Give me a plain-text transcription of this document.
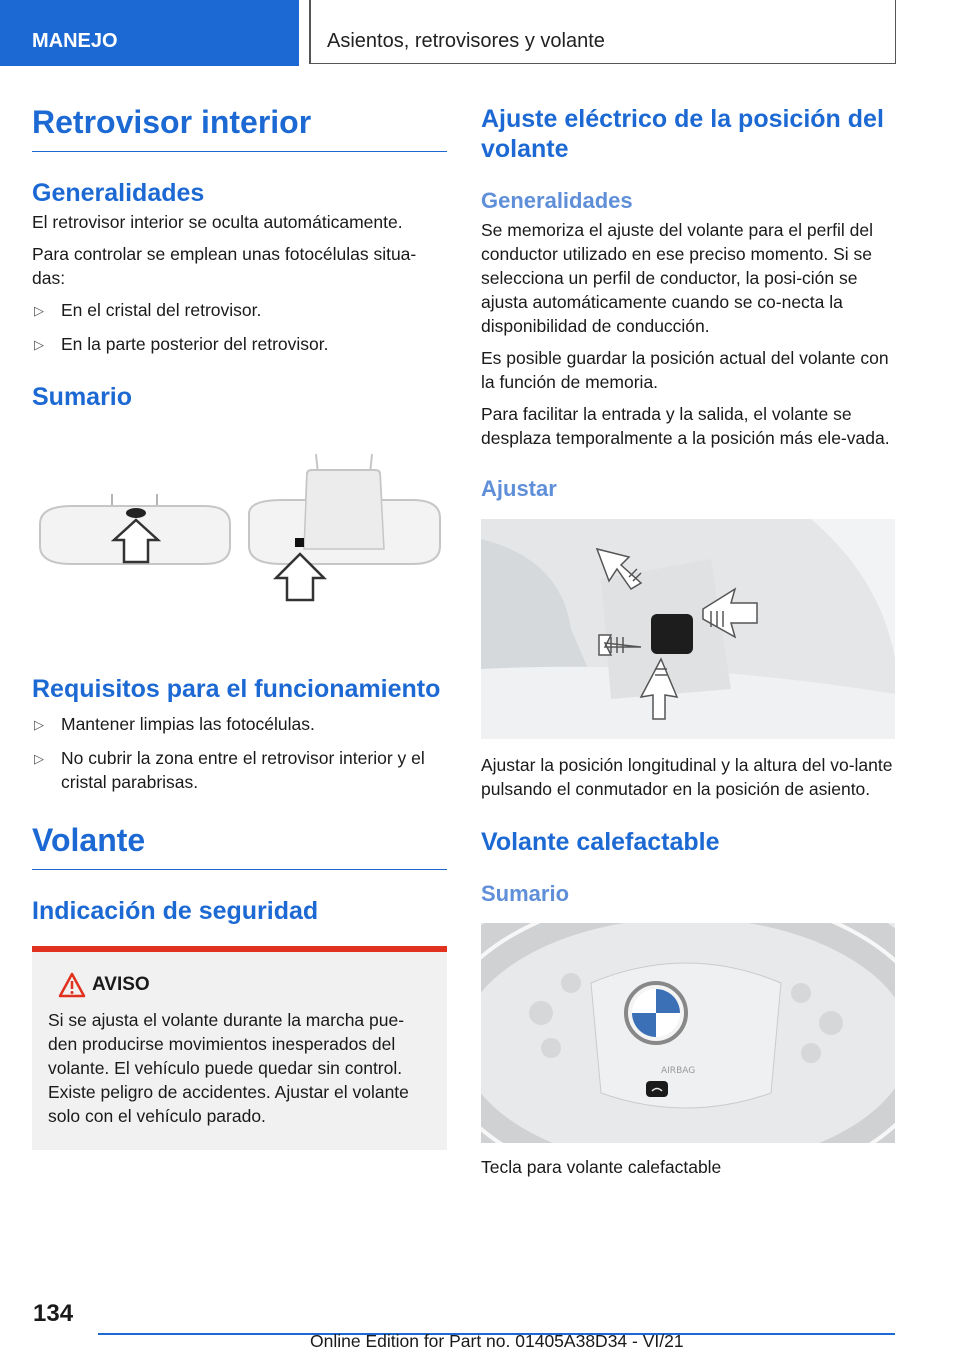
MANEJO	Asientos, retrovisores y volante
Retrovisor interior
Generalidades

El retrovisor interior se oculta automáticamente.

Para controlar se emplean unas fotocélulas situa‐das:

▷ En el cristal del retrovisor.
▷ En la parte posterior del retrovisor.
Sumario
Requisitos para el funcionamiento
▷ Mantener limpias las fotocélulas.
▷ No cubrir la zona entre el retrovisor interior y el cristal parabrisas.
Volante
Indicación de seguridad
AVISO

Si se ajusta el volante durante la marcha pue‐den producirse movimientos inesperados del volante. El vehículo puede quedar sin control. Existe peligro de accidentes. Ajustar el volante solo con el vehículo parado.

Ajuste eléctrico de la posición del volante
Generalidades

Se memoriza el ajuste del volante para el perfil del conductor utilizado en ese preciso momento. Si se selecciona un perfil de conductor, la posi‐ción se ajusta automáticamente cuando se co‐necta la disponibilidad de conducción.

Es posible guardar la posición actual del volante con la función de memoria.

Para facilitar la entrada y la salida, el volante se desplaza temporalmente a la posición más ele‐vada.

Ajustar

Ajustar la posición longitudinal y la altura del vo‐lante pulsando el conmutador en la posición de asiento.

Volante calefactable
Sumario
AIRBAG

Tecla para volante calefactable

134
Online Edition for Part no. 01405A38D34 - VI/21
